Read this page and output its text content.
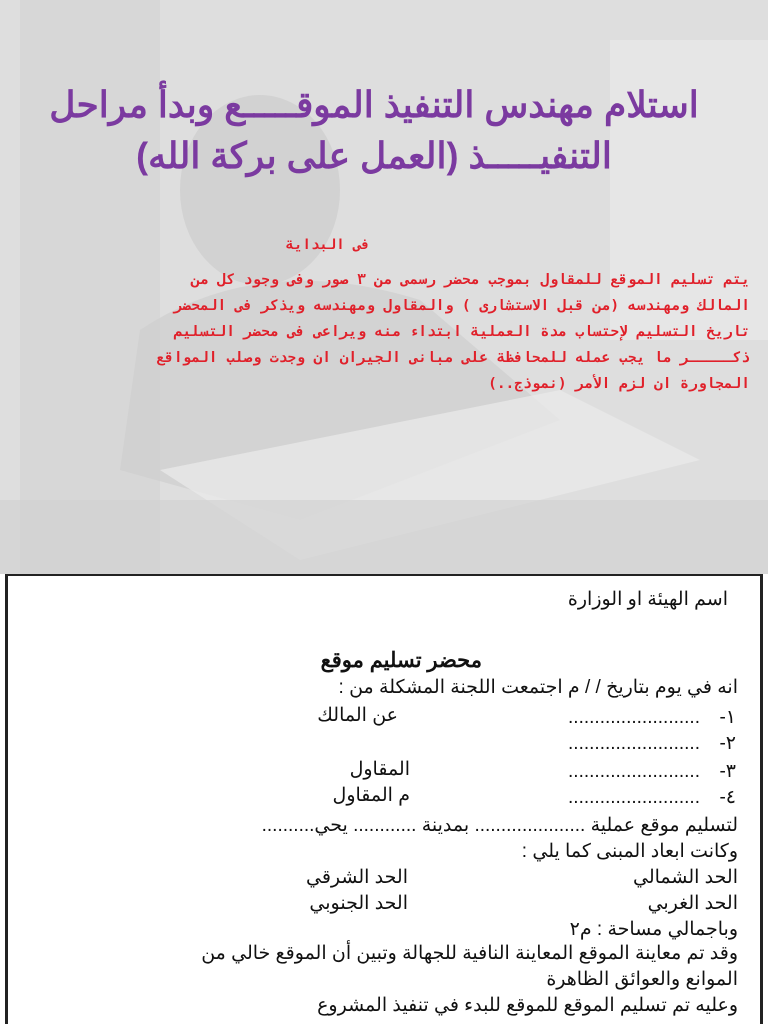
استلام مهندس التنفيذ الموقـــــع وبدأ مراحل
التنفيـــــذ (العمل على بركة الله)
فى البداية
يتم تسليم الموقع للمقاول بموجب محضر رسمى من ٣ صور وفى وجود كل من
المالك ومهندسه (من قبل الاستشارى ) والمقاول ومهندسه ويذكر فى المحضر
تاريخ التسليم لإحتساب مدة العملية ابتداء منه ويراعى فى محضر التسليم
ذكـــــر ما يجب عمله للمحافظة على مبانى الجيران ان وجدت وصلب المواقع
المجاورة ان لزم الأمر (نموذج..)
اسم الهيئة او الوزارة
محضر تسليم موقع
انه في يوم بتاريخ / / م اجتمعت اللجنة المشكلة من :
١-
.........................
عن المالك
٢-
.........................
٣-
.........................
المقاول
٤-
.........................
م المقاول
لتسليم موقع عملية ..................... بمدينة ............ يحي..........
وكانت ابعاد المبنى كما يلي :
الحد الشمالي
الحد الشرقي
الحد الغربي
الحد الجنوبي
وباجمالي مساحة : م٢
وقد تم معاينة الموقع المعاينة النافية للجهالة وتبين أن الموقع خالي من
الموانع والعوائق الظاهرة
وعليه تم تسليم الموقع للموقع للبدء في تنفيذ المشروع
